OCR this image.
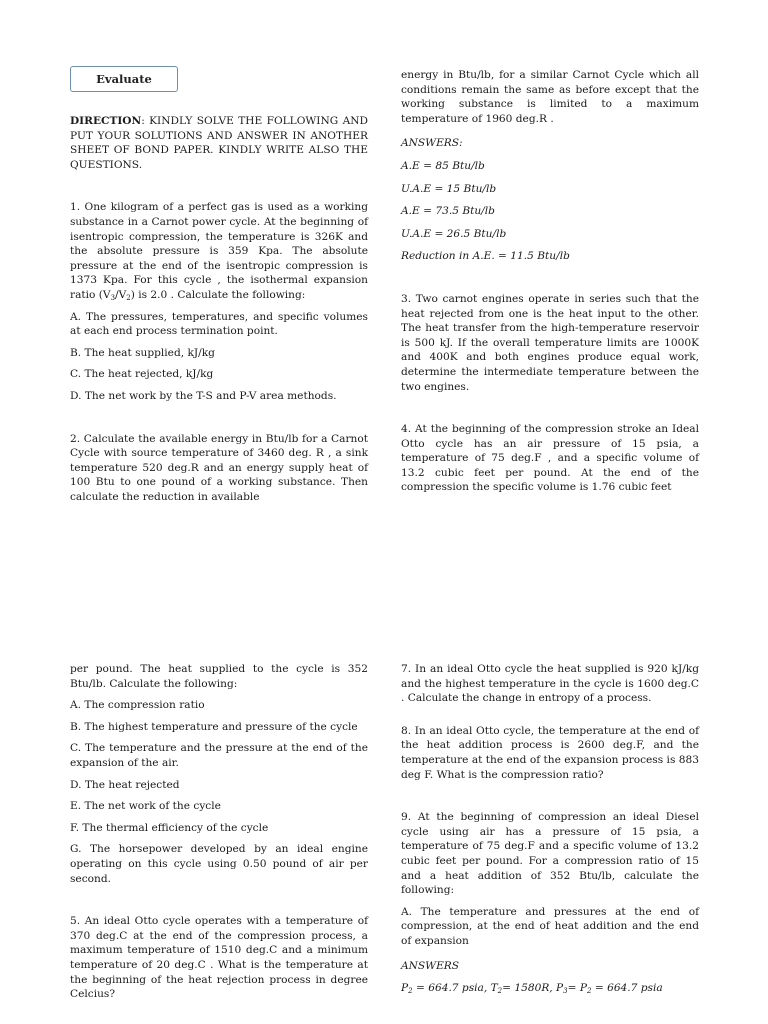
Evaluate

DIRECTION: KINDLY SOLVE THE FOLLOWING AND PUT YOUR SOLUTIONS AND ANSWER IN ANOTHER SHEET OF BOND PAPER. KINDLY WRITE ALSO THE QUESTIONS.

1. One kilogram of a perfect gas is used as a working substance in a Carnot power cycle. At the beginning of isentropic compression, the temperature is 326K and the absolute pressure is 359 Kpa. The absolute pressure at the end of the isentropic compression is 1373 Kpa. For this cycle , the isothermal expansion ratio $(V_3/V_2)$ is 2.0 . Calculate the following:

A. The pressures, temperatures, and specific volumes at each end process termination point.

B. The heat supplied, kJ/kg

C. The heat rejected, kJ/kg

D. The net work by the T-S and P-V area methods.

2. Calculate the available energy in Btu/lb for a Carnot Cycle with source temperature of 3460 deg. R , a sink temperature 520 deg.R and an energy supply heat of 100 Btu to one pound of a working substance. Then calculate the reduction in available

energy in Btu/lb, for a similar Carnot Cycle which all conditions remain the same as before except that the working substance is limited to a maximum temperature of 1960 deg.R .

ANSWERS:

A.E = 85 Btu/lb

U.A.E = 15 Btu/lb

A.E = 73.5 Btu/lb

U.A.E = 26.5 Btu/lb

Reduction in A.E. = 11.5 Btu/lb

3. Two carnot engines operate in series such that the heat rejected from one is the heat input to the other. The heat transfer from the high-temperature reservoir is 500 kJ. If the overall temperature limits are 1000K and 400K and both engines produce equal work, determine the intermediate temperature between the two engines.

4. At the beginning of the compression stroke an Ideal Otto cycle has an air pressure of 15 psia, a temperature of 75 deg.F , and a specific volume of 13.2 cubic feet per pound. At the end of the compression the specific volume is 1.76 cubic feet

per pound. The heat supplied to the cycle is 352 Btu/lb. Calculate the following:

A. The compression ratio

B. The highest temperature and pressure of the cycle

C. The temperature and the pressure at the end of the expansion of the air.

D. The heat rejected

E. The net work of the cycle

F. The thermal efficiency of the cycle

G. The horsepower developed by an ideal engine operating on this cycle using 0.50 pound of air per second.

5. An ideal Otto cycle operates with a temperature of 370 deg.C at the end of the compression process, a maximum temperature of 1510 deg.C and a minimum temperature of 20 deg.C . What is the temperature at the beginning of the heat rejection process in degree Celcius?

7. In an ideal Otto cycle the heat supplied is 920 kJ/kg and the highest temperature in the cycle is 1600 deg.C . Calculate the change in entropy of a process.

8. In an ideal Otto cycle, the temperature at the end of the heat addition process is 2600 deg.F, and the temperature at the end of the expansion process is 883 deg F. What is the compression ratio?

9. At the beginning of compression an ideal Diesel cycle using air has a pressure of 15 psia, a temperature of 75 deg.F and a specific volume of 13.2 cubic feet per pound. For a compression ratio of 15 and a heat addition of 352 Btu/lb, calculate the following:

A. The temperature and pressures at the end of compression, at the end of heat addition and the end of expansion

ANSWERS

$P_2 = 664.7$ psia, $T_2= 1580R$, $P_3= P_2 = 664.7$ psia
